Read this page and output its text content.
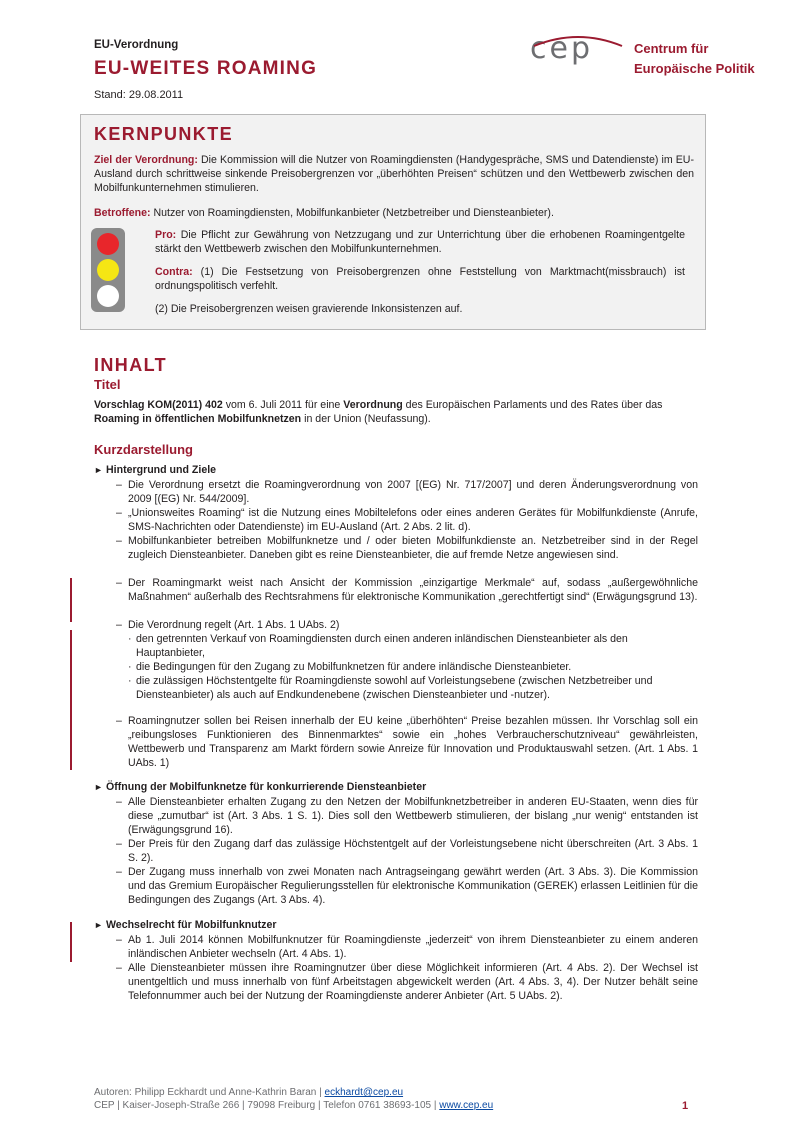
EU-Verordnung
EU-WEITES ROAMING
Stand: 29.08.2011
cep	Centrum für
Europäische Politik
KERNPUNKTE
Ziel der Verordnung: Die Kommission will die Nutzer von Roamingdiensten (Handygespräche, SMS und Datendienste) im EU-Ausland durch schrittweise sinkende Preisobergrenzen vor „überhöhten Preisen“ schützen und den Wettbewerb zwischen den Mobilfunkunternehmen stimulieren.
Betroffene: Nutzer von Roamingdiensten, Mobilfunkanbieter (Netzbetreiber und Diensteanbieter).
Pro: Die Pflicht zur Gewährung von Netzzugang und zur Unterrichtung über die erhobenen Roamingentgelte stärkt den Wettbewerb zwischen den Mobilfunkunternehmen.
Contra: (1) Die Festsetzung von Preisobergrenzen ohne Feststellung von Marktmacht(missbrauch) ist ordnungspolitisch verfehlt.
(2) Die Preisobergrenzen weisen gravierende Inkonsistenzen auf.
INHALT
Titel
Vorschlag KOM(2011) 402 vom 6. Juli 2011 für eine Verordnung des Europäischen Parlaments und des Rates über das Roaming in öffentlichen Mobilfunknetzen in der Union (Neufassung).
Kurzdarstellung
► Hintergrund und Ziele
– Die Verordnung ersetzt die Roamingverordnung von 2007 [(EG) Nr. 717/2007] und deren Änderungsverordnung von 2009 [(EG) Nr. 544/2009].
– „Unionsweites Roaming“ ist die Nutzung eines Mobiltelefons oder eines anderen Gerätes für Mobilfunkdienste (Anrufe, SMS-Nachrichten oder Datendienste) im EU-Ausland (Art. 2 Abs. 2 lit. d).
– Mobilfunkanbieter betreiben Mobilfunknetze und / oder bieten Mobilfunkdienste an. Netzbetreiber sind in der Regel zugleich Diensteanbieter. Daneben gibt es reine Diensteanbieter, die auf fremde Netze angewiesen sind.
– Der Roamingmarkt weist nach Ansicht der Kommission „einzigartige Merkmale“ auf, sodass „außergewöhnliche Maßnahmen“ außerhalb des Rechtsrahmens für elektronische Kommunikation „gerechtfertigt sind“ (Erwägungsgrund 13).
– Die Verordnung regelt (Art. 1 Abs. 1 UAbs. 2)
· den getrennten Verkauf von Roamingdiensten durch einen anderen inländischen Diensteanbieter als den Hauptanbieter,
· die Bedingungen für den Zugang zu Mobilfunknetzen für andere inländische Diensteanbieter.
· die zulässigen Höchstentgelte für Roamingdienste sowohl auf Vorleistungsebene (zwischen Netzbetreiber und Diensteanbieter) als auch auf Endkundenebene (zwischen Diensteanbieter und -nutzer).
– Roamingnutzer sollen bei Reisen innerhalb der EU keine „überhöhten“ Preise bezahlen müssen. Ihr Vorschlag soll ein „reibungsloses Funktionieren des Binnenmarktes“ sowie ein „hohes Verbraucherschutzniveau“ gewährleisten, Wettbewerb und Transparenz am Markt fördern sowie Anreize für Innovation und Produktauswahl setzen. (Art. 1 Abs. 1 UAbs. 1)
► Öffnung der Mobilfunknetze für konkurrierende Diensteanbieter
– Alle Diensteanbieter erhalten Zugang zu den Netzen der Mobilfunknetzbetreiber in anderen EU-Staaten, wenn dies für diese „zumutbar“ ist (Art. 3 Abs. 1 S. 1). Dies soll den Wettbewerb stimulieren, der bislang „nur wenig“ entstanden ist (Erwägungsgrund 16).
– Der Preis für den Zugang darf das zulässige Höchstentgelt auf der Vorleistungsebene nicht überschreiten (Art. 3 Abs. 1 S. 2).
– Der Zugang muss innerhalb von zwei Monaten nach Antragseingang gewährt werden (Art. 3 Abs. 3). Die Kommission und das Gremium Europäischer Regulierungsstellen für elektronische Kommunikation (GEREK) erlassen Leitlinien für die Bedingungen des Zugangs (Art. 3 Abs. 4).
► Wechselrecht für Mobilfunknutzer
– Ab 1. Juli 2014 können Mobilfunknutzer für Roamingdienste „jederzeit“ von ihrem Diensteanbieter zu einem anderen inländischen Anbieter wechseln (Art. 4 Abs. 1).
– Alle Diensteanbieter müssen ihre Roamingnutzer über diese Möglichkeit informieren (Art. 4 Abs. 2). Der Wechsel ist unentgeltlich und muss innerhalb von fünf Arbeitstagen abgewickelt werden (Art. 4 Abs. 3, 4). Der Nutzer behält seine Telefonnummer auch bei der Nutzung der Roamingdienste anderer Anbieter (Art. 5 UAbs. 2).
Autoren: Philipp Eckhardt und Anne-Kathrin Baran | eckhardt@cep.eu
CEP | Kaiser-Joseph-Straße 266 | 79098 Freiburg | Telefon 0761 38693-105 | www.cep.eu	1
